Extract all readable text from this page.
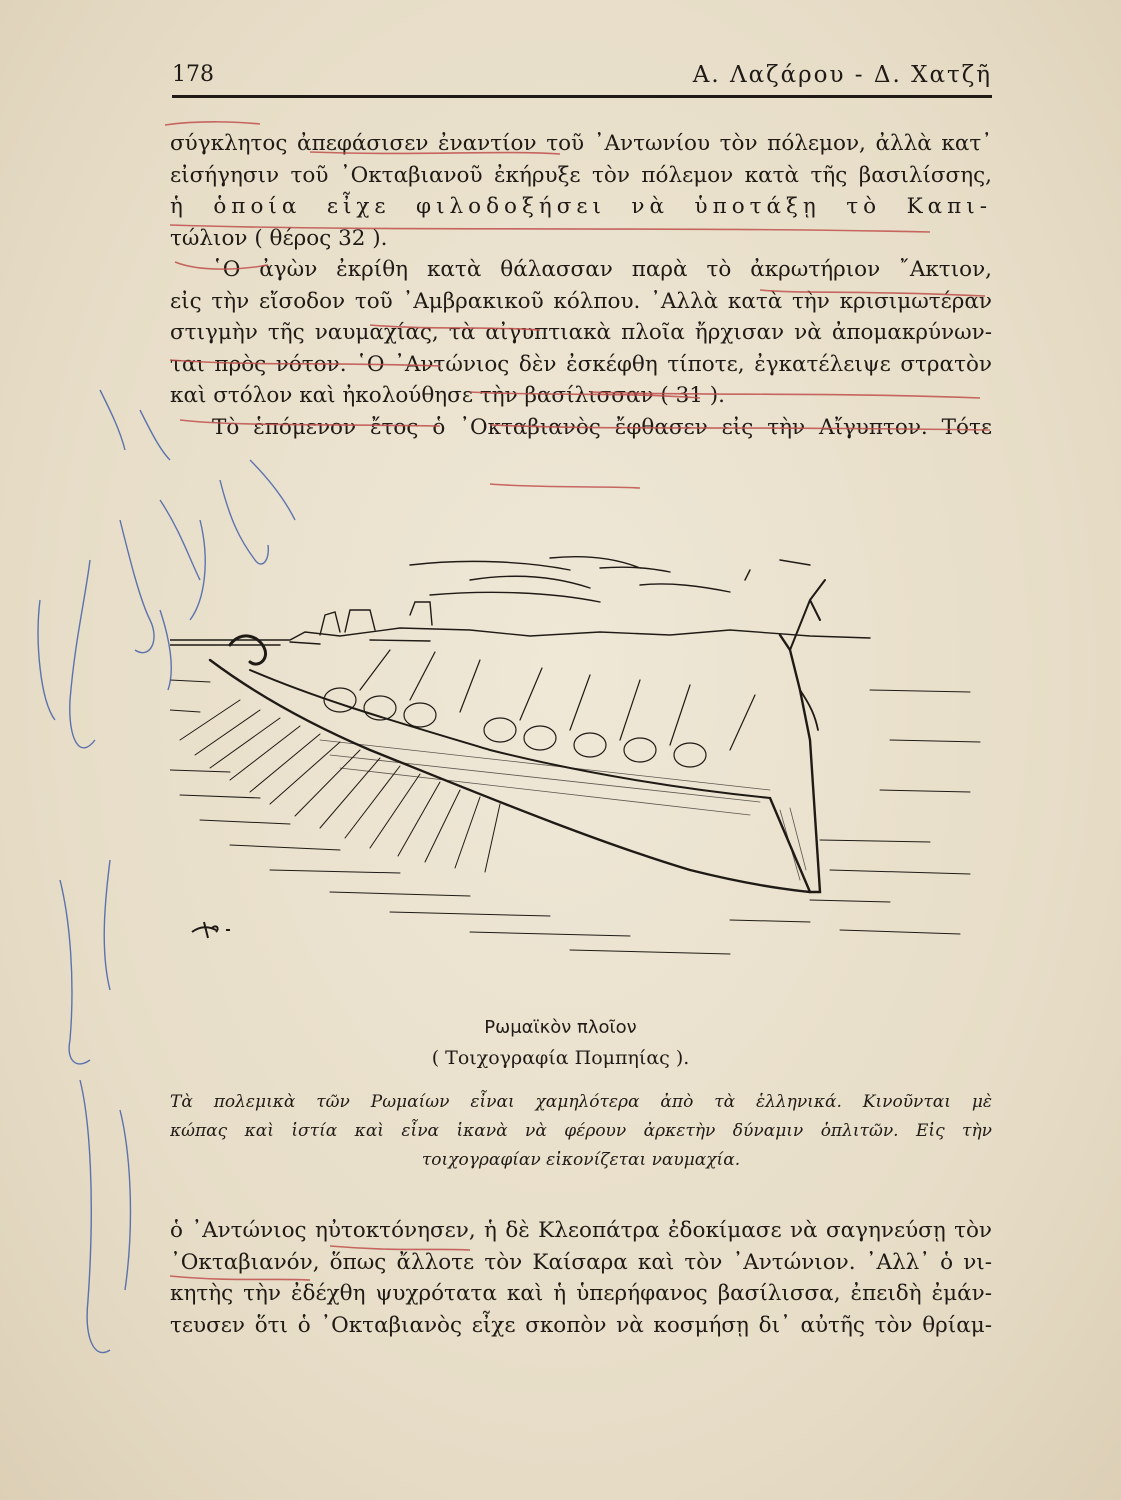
178	Α. Λαζάρου - Δ. Χατζῆ
σύγκλητος ἀπεφάσισεν ἐναντίον τοῦ ᾿Αντωνίου τὸν πόλεμον, ἀλλὰ κατ᾿
εἰσήγησιν τοῦ ᾿Οκταβιανοῦ ἐκήρυξε τὸν πόλεμον κατὰ τῆς βασιλίσσης,
ἡ ὁποία εἶχε φιλοδοξήσει νὰ ὑποτάξῃ τὸ Καπι-
τώλιον ( θέρος 32 ).
῾Ο ἀγὼν ἐκρίθη κατὰ θάλασσαν παρὰ τὸ ἀκρωτήριον ῎Ακτιον,
εἰς τὴν εἴσοδον τοῦ ᾿Αμβρακικοῦ κόλπου. ᾿Αλλὰ κατὰ τὴν κρισιμωτέραν
στιγμὴν τῆς ναυμαχίας, τὰ αἰγυπτιακὰ πλοῖα ἤρχισαν νὰ ἀπομακρύνων-
ται πρὸς νότον. ῾Ο ᾿Αντώνιος δὲν ἐσκέφθη τίποτε, ἐγκατέλειψε στρατὸν
καὶ στόλον καὶ ἠκολούθησε τὴν βασίλισσαν ( 31 ).
Τὸ ἑπόμενον ἔτος ὁ ᾿Οκταβιανὸς ἔφθασεν εἰς τὴν Αἴγυπτον. Τότε
Ρωμαϊκὸν πλοῖον
( Τοιχογραφία Πομπηίας ).
Τὰ πολεμικὰ τῶν Ρωμαίων εἶναι χαμηλότερα ἀπὸ τὰ ἑλληνικά. Κινοῦνται μὲ
κώπας καὶ ἱστία καὶ εἶνα ἱκανὰ νὰ φέρουν ἀρκετὴν δύναμιν ὁπλιτῶν. Εἰς τὴν
τοιχογραφίαν εἰκονίζεται ναυμαχία.
ὁ ᾿Αντώνιος ηὐτοκτόνησεν, ἡ δὲ Κλεοπάτρα ἐδοκίμασε νὰ σαγηνεύσῃ τὸν
᾿Οκταβιανόν, ὅπως ἄλλοτε τὸν Καίσαρα καὶ τὸν ᾿Αντώνιον. ᾿Αλλ᾿ ὁ νι-
κητὴς τὴν ἐδέχθη ψυχρότατα καὶ ἡ ὑπερήφανος βασίλισσα, ἐπειδὴ ἐμάν-
τευσεν ὅτι ὁ ᾿Οκταβιανὸς εἶχε σκοπὸν νὰ κοσμήσῃ δι᾿ αὐτῆς τὸν θρίαμ-
